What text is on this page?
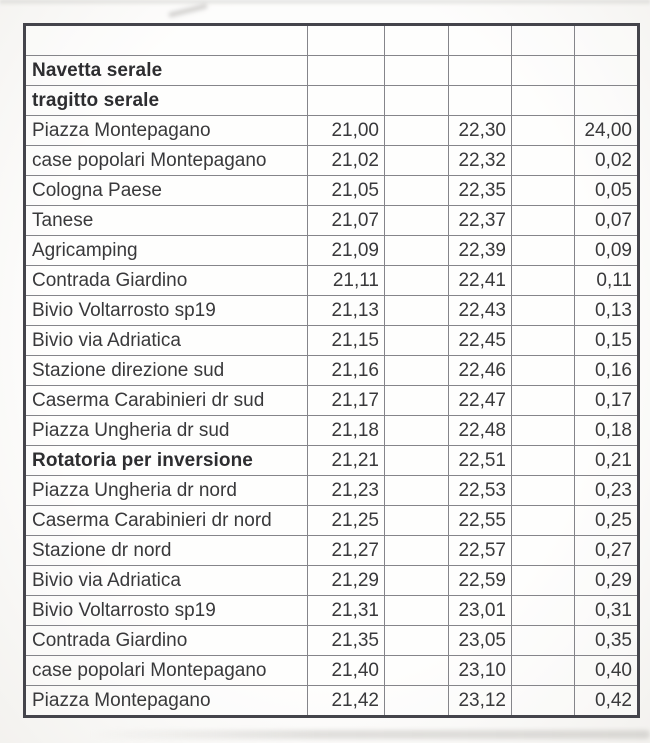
Navetta serale					
tragitto serale					
Piazza Montepagano	21,00		22,30		24,00
case popolari Montepagano	21,02		22,32		0,02
Cologna Paese	21,05		22,35		0,05
Tanese	21,07		22,37		0,07
Agricamping	21,09		22,39		0,09
Contrada Giardino	21,11		22,41		0,11
Bivio Voltarrosto sp19	21,13		22,43		0,13
Bivio via Adriatica	21,15		22,45		0,15
Stazione direzione sud	21,16		22,46		0,16
Caserma Carabinieri dr sud	21,17		22,47		0,17
Piazza Ungheria dr sud	21,18		22,48		0,18
Rotatoria per inversione	21,21		22,51		0,21
Piazza Ungheria dr nord	21,23		22,53		0,23
Caserma Carabinieri dr nord	21,25		22,55		0,25
Stazione dr nord	21,27		22,57		0,27
Bivio via Adriatica	21,29		22,59		0,29
Bivio Voltarrosto sp19	21,31		23,01		0,31
Contrada Giardino	21,35		23,05		0,35
case popolari Montepagano	21,40		23,10		0,40
Piazza Montepagano	21,42		23,12		0,42
